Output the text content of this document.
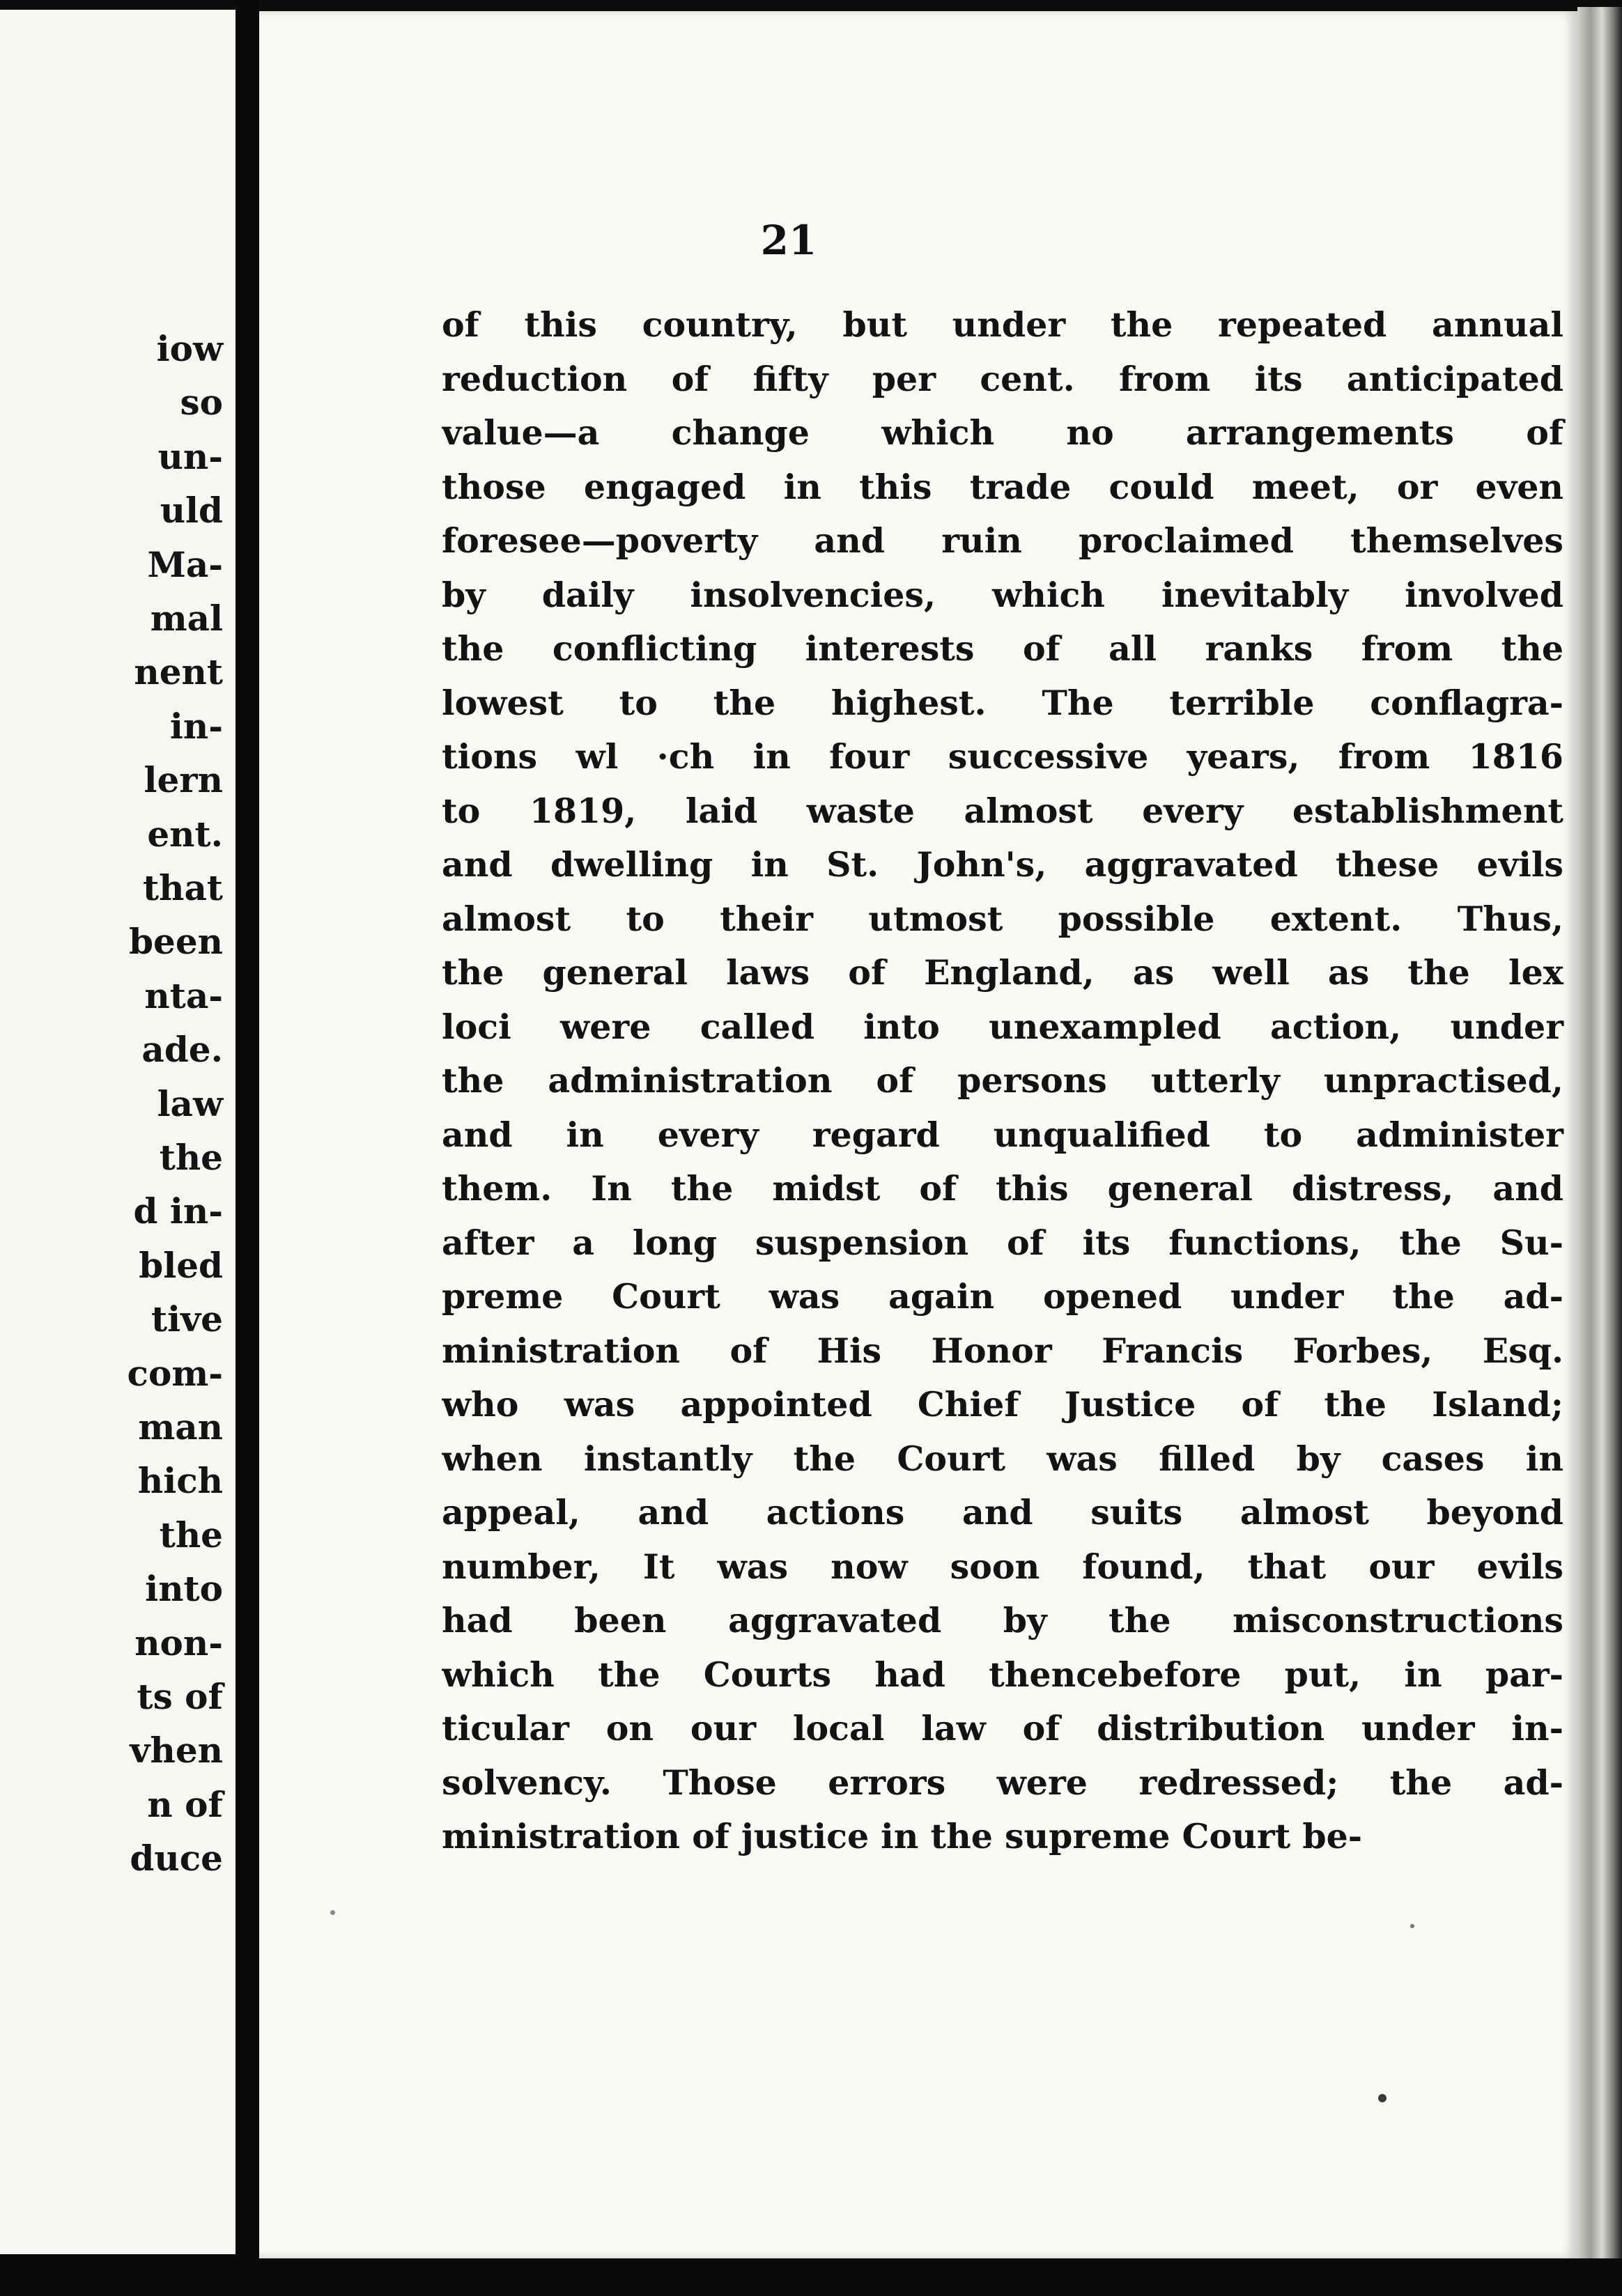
iow
so
un-
uld
Ma-
mal
nent
in-
lern
ent.
that
been
nta-
ade.
law
the
d in-
bled
tive
com-
man
hich
the
into
non-
ts of
vhen
n of
duce
21
of this country, but under the repeated annual
reduction of fifty per cent. from its anticipated
value—a change which no arrangements of
those engaged in this trade could meet, or even
foresee—poverty and ruin proclaimed themselves
by daily insolvencies, which inevitably involved
the conflicting interests of all ranks from the
lowest to the highest. The terrible conflagra-
tions wl ·ch in four successive years, from 1816
to 1819, laid waste almost every establishment
and dwelling in St. John's, aggravated these evils
almost to their utmost possible extent. Thus,
the general laws of England, as well as the lex
loci were called into unexampled action, under
the administration of persons utterly unpractised,
and in every regard unqualified to administer
them. In the midst of this general distress, and
after a long suspension of its functions, the Su-
preme Court was again opened under the ad-
ministration of His Honor Francis Forbes, Esq.
who was appointed Chief Justice of the Island;
when instantly the Court was filled by cases in
appeal, and actions and suits almost beyond
number, It was now soon found, that our evils
had been aggravated by the misconstructions
which the Courts had thencebefore put, in par-
ticular on our local law of distribution under in-
solvency. Those errors were redressed; the ad-
ministration of justice in the supreme Court be-
